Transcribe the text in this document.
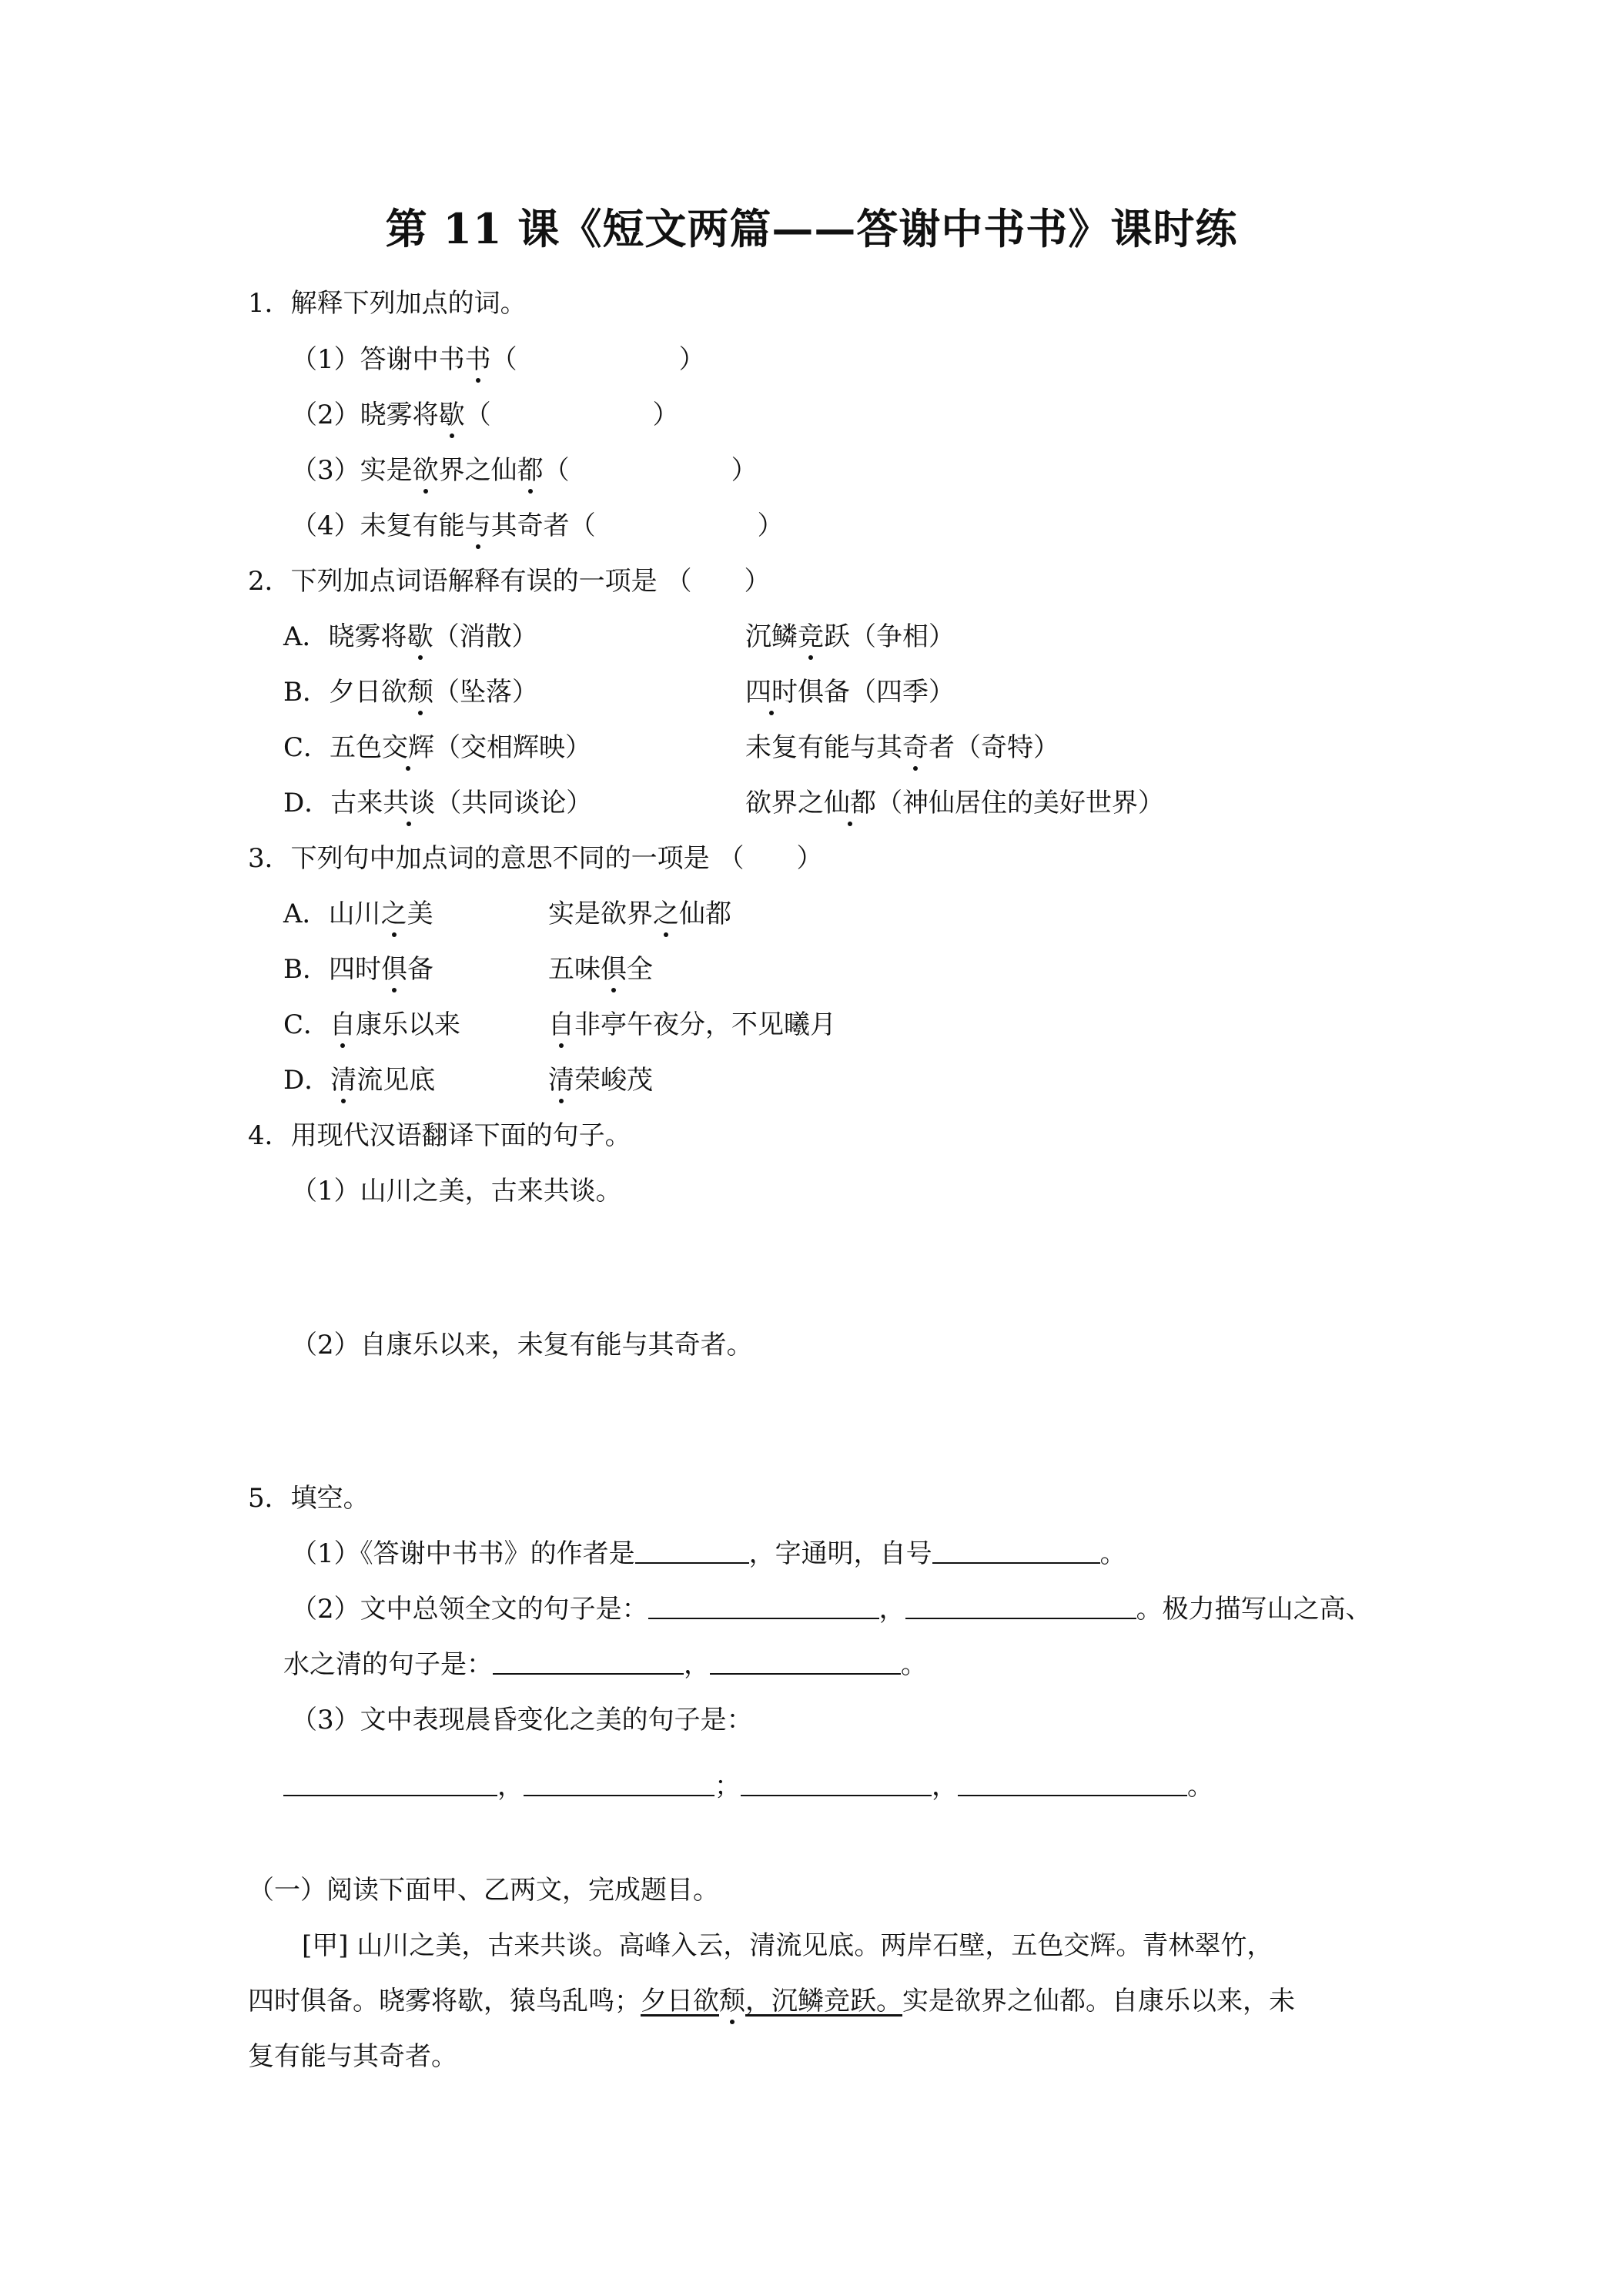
第 11 课《短文两篇——答谢中书书》课时练
1．解释下列加点的词。
（1）答谢中书书（	）
（2）晓雾将歇（	）
（3）实是欲界之仙都（	）
（4）未复有能与其奇者（	）
2．下列加点词语解释有误的一项是 （　　）
A．晓雾将歇（消散）	沉鳞竞跃（争相）
B．夕日欲颓（坠落）	四时俱备（四季）
C．五色交辉（交相辉映）	未复有能与其奇者（奇特）
D．古来共谈（共同谈论）	欲界之仙都（神仙居住的美好世界）
3．下列句中加点词的意思不同的一项是 （　　）
A．山川之美	实是欲界之仙都
B．四时俱备	五味俱全
C．自康乐以来	自非亭午夜分，不见曦月
D．清流见底	清荣峻茂
4．用现代汉语翻译下面的句子。
（1）山川之美，古来共谈。
（2）自康乐以来，未复有能与其奇者。
5．填空。
（1）《答谢中书书》的作者是	，字通明，自号	。
（2）文中总领全文的句子是：	，	。极力描写山之高、
水之清的句子是：	，	。
（3）文中表现晨昏变化之美的句子是：
，	；	，	。
（一）阅读下面甲、乙两文，完成题目。
[甲] 山川之美，古来共谈。高峰入云，清流见底。两岸石壁，五色交辉。青林翠竹，
四时俱备。晓雾将歇，猿鸟乱鸣；夕日欲颓，沉鳞竞跃。实是欲界之仙都。自康乐以来，未
复有能与其奇者。
